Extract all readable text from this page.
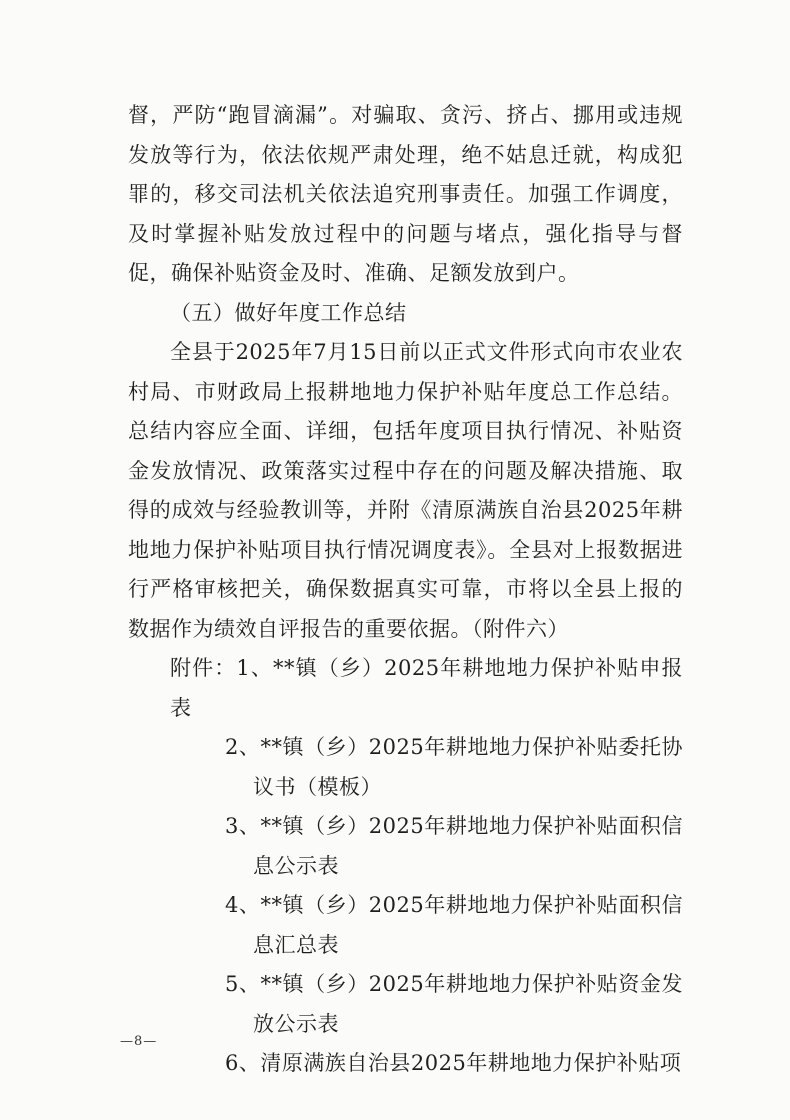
督，严防“跑冒滴漏”。对骗取、贪污、挤占、挪用或违规发放等行为，依法依规严肃处理，绝不姑息迁就，构成犯罪的，移交司法机关依法追究刑事责任。加强工作调度，及时掌握补贴发放过程中的问题与堵点，强化指导与督促，确保补贴资金及时、准确、足额发放到户。

（五）做好年度工作总结

全县于2025年7月15日前以正式文件形式向市农业农村局、市财政局上报耕地地力保护补贴年度总工作总结。总结内容应全面、详细，包括年度项目执行情况、补贴资金发放情况、政策落实过程中存在的问题及解决措施、取得的成效与经验教训等，并附《清原满族自治县2025年耕地地力保护补贴项目执行情况调度表》。全县对上报数据进行严格审核把关，确保数据真实可靠，市将以全县上报的数据作为绩效自评报告的重要依据。（附件六）

附件：1、**镇（乡）2025年耕地地力保护补贴申报表
2、**镇（乡）2025年耕地地力保护补贴委托协议书（模板）
3、**镇（乡）2025年耕地地力保护补贴面积信息公示表
4、**镇（乡）2025年耕地地力保护补贴面积信息汇总表
5、**镇（乡）2025年耕地地力保护补贴资金发放公示表
6、清原满族自治县2025年耕地地力保护补贴项
—8—
